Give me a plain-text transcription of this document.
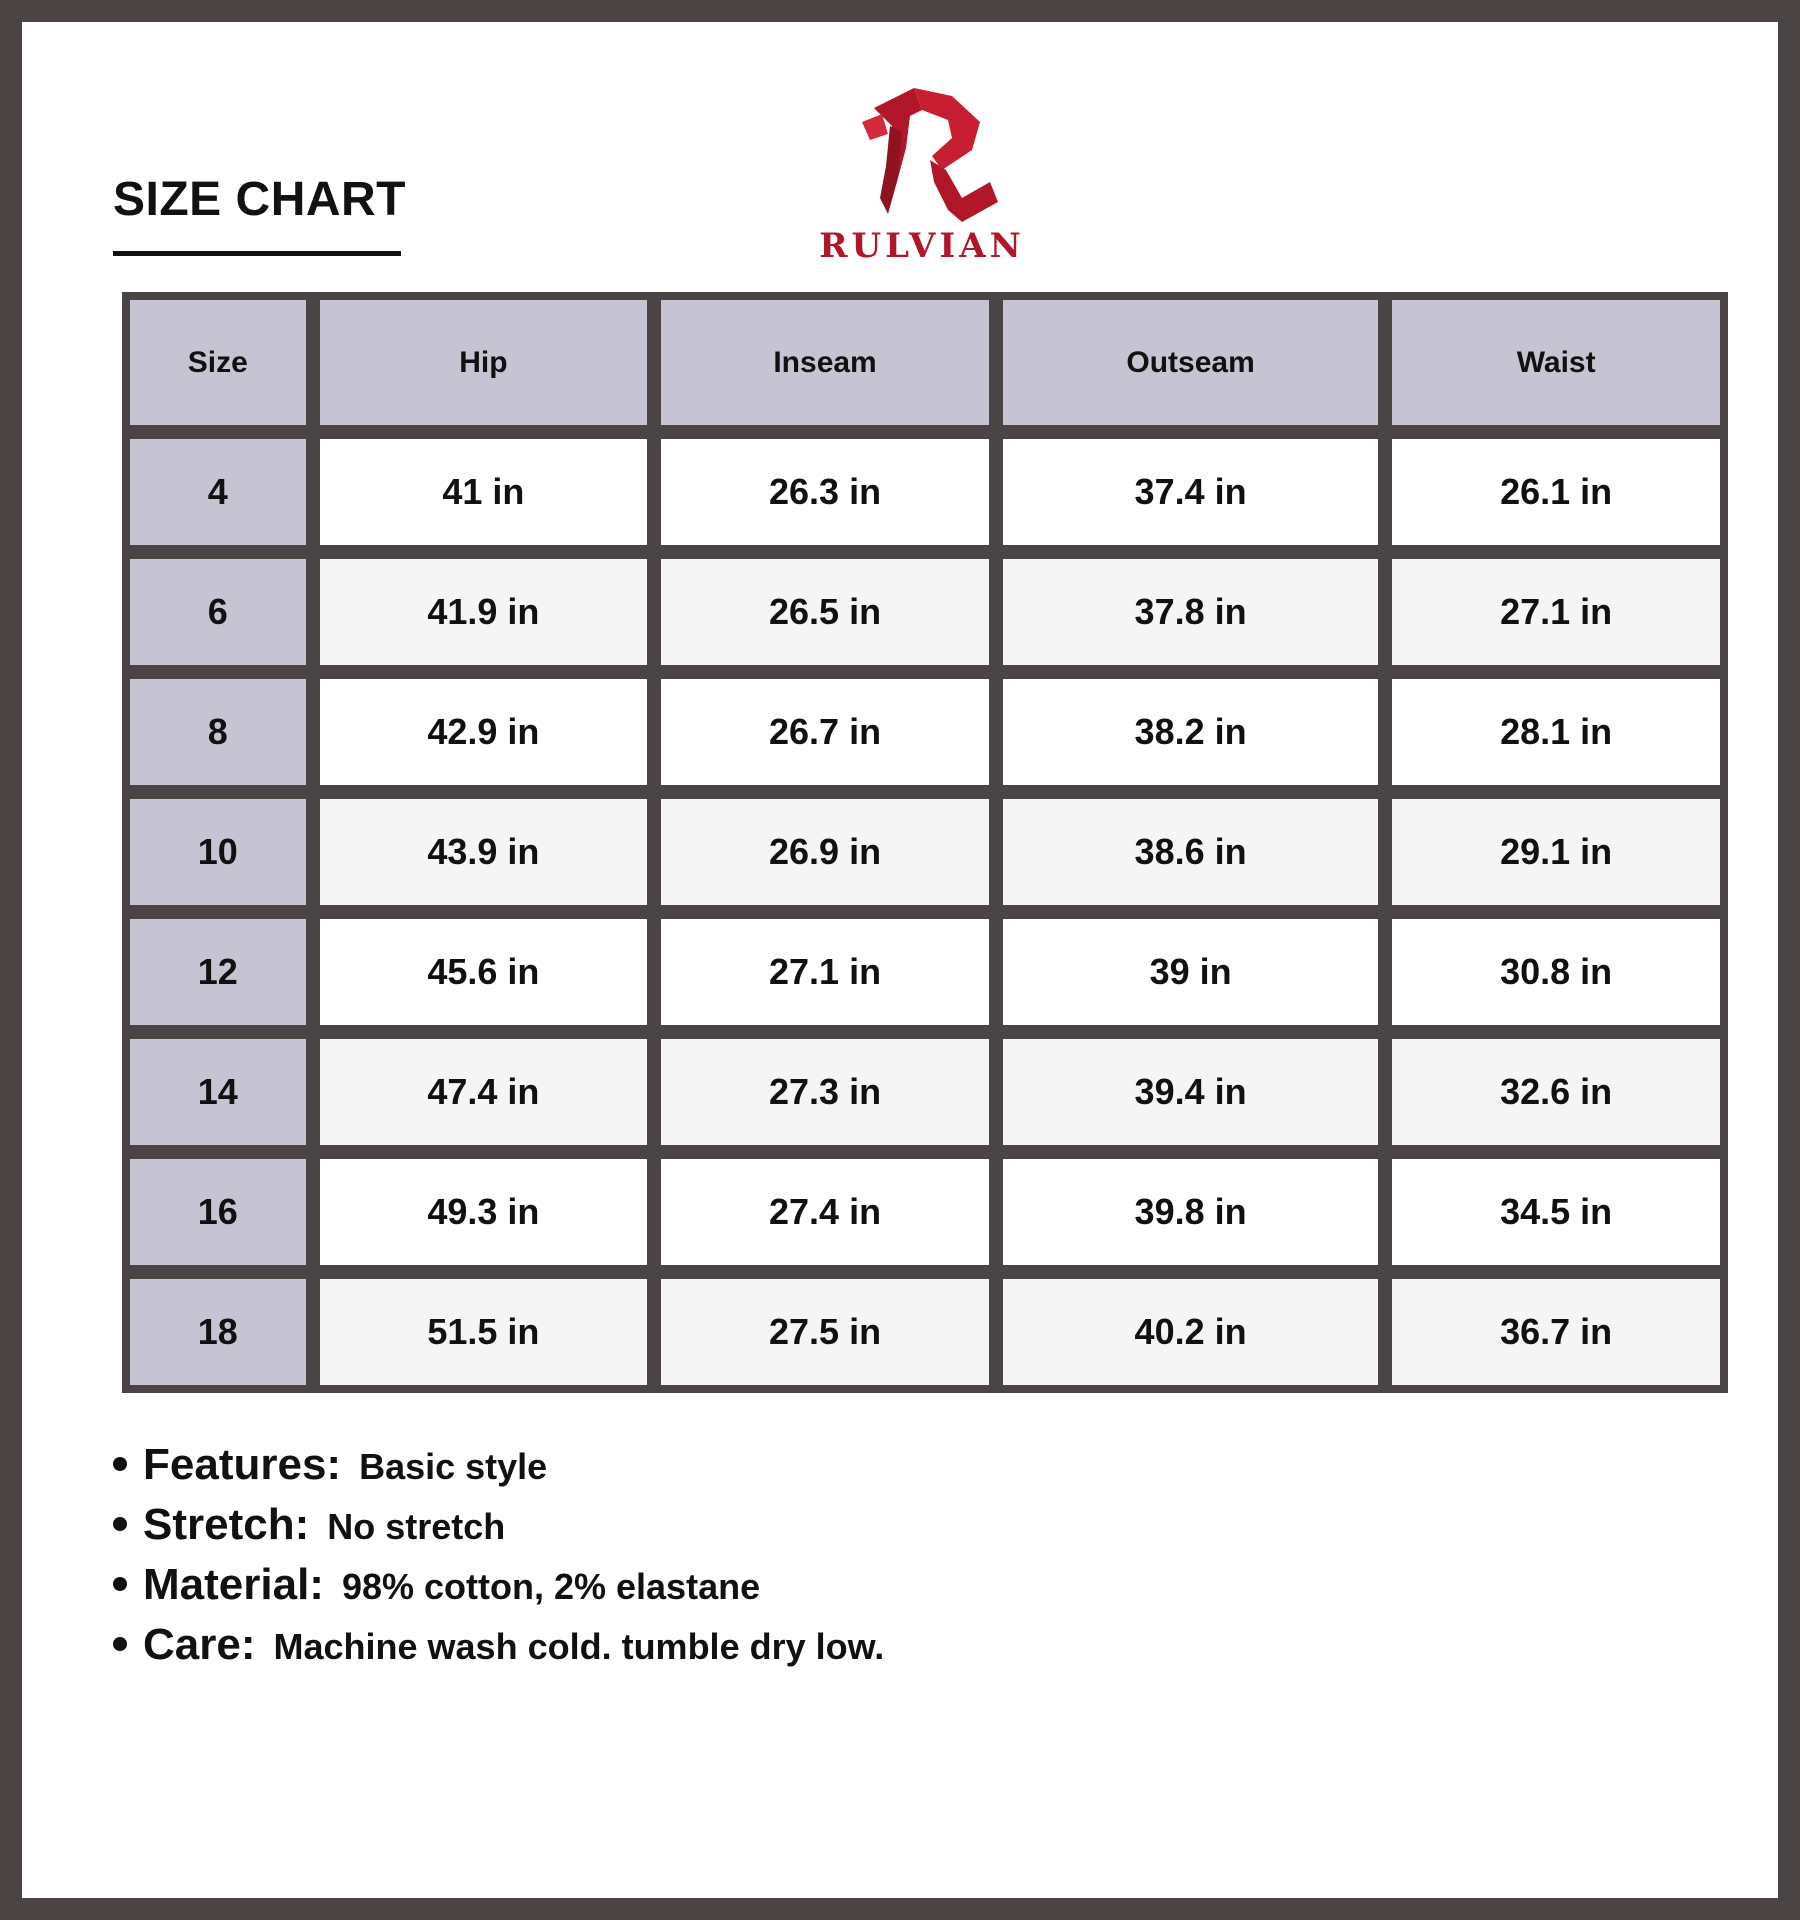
SIZE CHART
RULVIAN
Size	Hip	Inseam	Outseam	Waist
4	41 in	26.3 in	37.4 in	26.1 in
6	41.9 in	26.5 in	37.8 in	27.1 in
8	42.9 in	26.7 in	38.2 in	28.1 in
10	43.9 in	26.9 in	38.6 in	29.1 in
12	45.6 in	27.1 in	39 in	30.8 in
14	47.4 in	27.3 in	39.4 in	32.6 in
16	49.3 in	27.4 in	39.8 in	34.5 in
18	51.5 in	27.5 in	40.2 in	36.7 in
Features: Basic style
Stretch: No stretch
Material: 98% cotton, 2% elastane
Care: Machine wash cold. tumble dry low.
